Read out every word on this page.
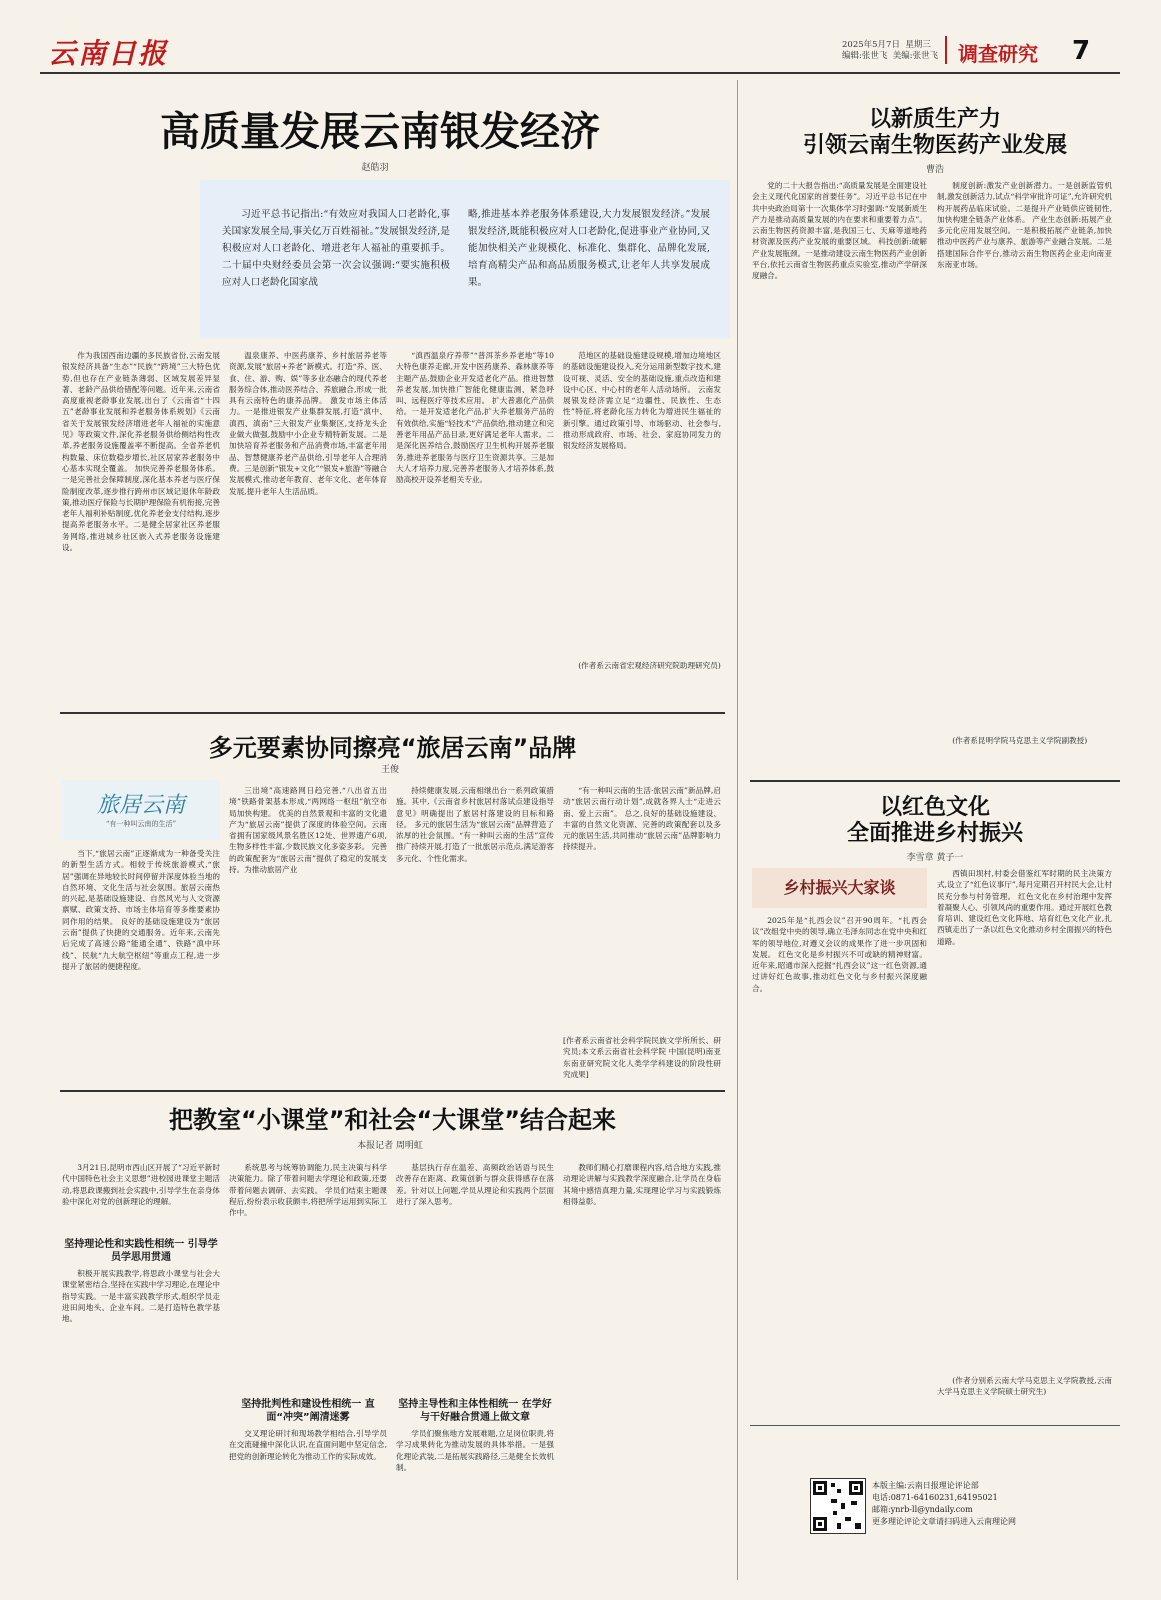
云南日报	2025年5月7日 星期三
编辑:张世飞 美编:张世飞 调查研究 7
高质量发展云南银发经济
赵皓羽
习近平总书记指出:“有效应对我国人口老龄化,事关国家发展全局,事关亿万百姓福祉。”发展银发经济,是积极应对人口老龄化、增进老年人福祉的重要抓手。二十届中央财经委员会第一次会议强调:“要实施积极应对人口老龄化国家战
略,推进基本养老服务体系建设,大力发展银发经济。”发展银发经济,既能积极应对人口老龄化,促进事业产业协同,又能加快相关产业规模化、标准化、集群化、品牌化发展,培育高精尖产品和高品质服务模式,让老年人共享发展成果。
作为我国西南边疆的多民族省份,云南发展银发经济具备“生态”“民族”“跨境”三大特色优势,但也存在产业链条薄弱、区域发展差异显著、老龄产品供给错配等问题。近年来,云南省高度重视老龄事业发展,出台了《云南省“十四五”老龄事业发展和养老服务体系规划》《云南省关于发展银发经济增进老年人福祉的实施意见》等政策文件,深化养老服务供给侧结构性改革,养老服务设施覆盖率不断提高。全省养老机构数量、床位数稳步增长,社区居家养老服务中心基本实现全覆盖。 加快完善养老服务体系。一是完善社会保障制度,深化基本养老与医疗保险制度改革,逐步推行跨州市区域记退休年龄政策,推动医疗保险与长期护理保险有机衔接,完善老年人福利补贴制度,优化养老金支付结构,逐步提高养老服务水平。二是健全居家社区养老服务网络,推进城乡社区嵌入式养老服务设施建设。
温泉康养、中医药康养、乡村旅居养老等资源,发展“旅居+养老”新模式。打造“养、医、食、住、游、购、娱”等多业态融合的现代养老服务综合体,推动医养结合、养旅融合,形成一批具有云南特色的康养品牌。 激发市场主体活力。一是推进银发产业集群发展,打造“滇中、滇西、滇南”三大银发产业集聚区,支持龙头企业做大做强,鼓励中小企业专精特新发展。二是加快培育养老服务和产品消费市场,丰富老年用品、智慧健康养老产品供给,引导老年人合理消费。三是创新“银发+文化”“银发+旅游”等融合发展模式,推动老年教育、老年文化、老年体育发展,提升老年人生活品质。
“滇西温泉疗养带”“普洱茶乡养老地”等10大特色康养走廊,开发中医药康养、森林康养等主题产品,鼓励企业开发适老化产品。推进智慧养老发展,加快推广智能化健康监测、紧急呼叫、远程医疗等技术应用。 扩大普惠化产品供给。一是开发适老化产品,扩大养老服务产品的有效供给,实施“轻技术”产品供给,推动建立和完善老年用品产品目录,更好满足老年人需求。二是深化医养结合,鼓励医疗卫生机构开展养老服务,推进养老服务与医疗卫生资源共享。三是加大人才培养力度,完善养老服务人才培养体系,鼓励高校开设养老相关专业。
范地区的基础设施建设规模,增加边境地区的基础设施建设投入,充分运用新型数字技术,建设可视、灵活、安全的基础设施,重点改造和建设中心区、中心村的老年人活动场所。 云南发展银发经济需立足“边疆性、民族性、生态性”特征,将老龄化压力转化为增进民生福祉的新引擎。通过政策引导、市场驱动、社会参与,推动形成政府、市场、社会、家庭协同发力的银发经济发展格局。
(作者系云南省宏观经济研究院助理研究员)
多元要素协同擦亮“旅居云南”品牌
王俊
旅居云南
“有一种叫云南的生活”
当下,“旅居云南”正逐渐成为一种备受关注的新型生活方式。相较于传统旅游模式,“旅居”强调在异地较长时间停留并深度体验当地的自然环境、文化生活与社会氛围。旅居云南热的兴起,是基础设施建设、自然风光与人文资源禀赋、政策支持、市场主体培育等多维要素协同作用的结果。 良好的基础设施建设为“旅居云南”提供了快捷的交通服务。近年来,云南先后完成了高速公路“能通全通”、铁路“滇中环线”、民航“九大航空枢纽”等重点工程,进一步提升了旅居的便捷程度。
三出境”高速路网日趋完善,“八出省五出境”铁路骨架基本形成,“两网络一枢纽”航空布局加快构建。 优美的自然景观和丰富的文化遗产为“旅居云南”提供了深度的体验空间。云南省拥有国家级风景名胜区12处、世界遗产6项,生物多样性丰富,少数民族文化多姿多彩。 完善的政策配套为“旅居云南”提供了稳定的发展支持。为推动旅居产业
持续健康发展,云南相继出台一系列政策措施。其中,《云南省乡村旅居村落试点建设指导意见》明确提出了旅居村落建设的目标和路径。 多元的旅居生活为“旅居云南”品牌营造了浓厚的社会氛围。“有一种叫云南的生活”宣传推广持续开展,打造了一批旅居示范点,满足游客多元化、个性化需求。
“有一种叫云南的生活·旅居云南”新品牌,启动“旅居云南行动计划”,成就各界人士“走进云南、爱上云南”。 总之,良好的基础设施建设、丰富的自然文化资源、完善的政策配套以及多元的旅居生活,共同推动“旅居云南”品牌影响力持续提升。
[作者系云南省社会科学院民族文学所所长、研究员;本文系云南省社会科学院 中国(昆明)南亚东南亚研究院文化人类学学科建设的阶段性研究成果]
把教室“小课堂”和社会“大课堂”结合起来
本报记者 周明虹
3月21日,昆明市西山区开展了“习近平新时代中国特色社会主义思想”进校园进课堂主题活动,将思政课搬到社会实践中,引导学生在亲身体验中深化对党的创新理论的理解。
坚持理论性和实践性相统一 引导学员学思用贯通
积极开展实践教学,将思政小课堂与社会大课堂紧密结合,坚持在实践中学习理论,在理论中指导实践。一是丰富实践教学形式,组织学员走进田间地头、企业车间。二是打造特色教学基地。
系统思考与统筹协调能力,民主决策与科学决策能力。除了带着问题去学理论和政策,还要带着问题去调研、去实践。 学员们结束主题课程后,纷纷表示收获颇丰,将把所学运用到实际工作中。
坚持批判性和建设性相统一 直面“冲突”阐清迷雾
交叉理论研讨和现场教学相结合,引导学员在交流碰撞中深化认识,在直面问题中坚定信念,把党的创新理论转化为推动工作的实际成效。
基层执行存在温差、高频政治话语与民生改善存在距离、政策创新与群众获得感存在落差。针对以上问题,学员从理论和实践两个层面进行了深入思考。
坚持主导性和主体性相统一 在学好与干好融合贯通上做文章
学员们聚焦地方发展难题,立足岗位职责,将学习成果转化为推动发展的具体举措。一是强化理论武装,二是拓展实践路径,三是健全长效机制。
教师们精心打磨课程内容,结合地方实践,推动理论讲解与实践教学深度融合,让学员在身临其境中感悟真理力量,实现理论学习与实践锻炼相得益彰。
以新质生产力
引领云南生物医药产业发展
曹浩
党的二十大报告指出:“高质量发展是全面建设社会主义现代化国家的首要任务”。习近平总书记在中共中央政治局第十一次集体学习时强调:“发展新质生产力是推动高质量发展的内在要求和重要着力点”。云南生物医药资源丰富,是我国三七、天麻等道地药材资源及医药产业发展的重要区域。 科技创新:破解产业发展瓶颈。一是推动建设云南生物医药产业创新平台,依托云南省生物医药重点实验室,推动产学研深度融合。
制度创新:激发产业创新潜力。一是创新监管机制,激发创新活力,试点“科学审批许可证”,允许研究机构开展药品临床试验。二是提升产业链供应链韧性,加快构建全链条产业体系。 产业生态创新:拓展产业多元化应用发展空间。一是积极拓展产业链条,加快推动中医药产业与康养、旅游等产业融合发展。二是搭建国际合作平台,推动云南生物医药企业走向南亚东南亚市场。
(作者系昆明学院马克思主义学院副教授)
以红色文化
全面推进乡村振兴
李雪章 黄子一
乡村振兴大家谈
2025年是“扎西会议”召开90周年。“扎西会议”改组党中央的领导,确立毛泽东同志在党中央和红军的领导地位,对遵义会议的成果作了进一步巩固和发展。 红色文化是乡村振兴不可或缺的精神财富。近年来,昭通市深入挖掘“扎西会议”这一红色资源,通过讲好红色故事,推动红色文化与乡村振兴深度融合。
西镇田坝村,村委会借鉴红军时期的民主决策方式,设立了“红色议事厅”,每月定期召开村民大会,让村民充分参与村务管理。 红色文化在乡村治理中发挥着凝聚人心、引领风尚的重要作用。通过开展红色教育培训、建设红色文化阵地、培育红色文化产业,扎西镇走出了一条以红色文化推动乡村全面振兴的特色道路。
(作者分别系云南大学马克思主义学院教授,云南大学马克思主义学院硕士研究生)
本版主编:云南日报理论评论部
电话:0871-64160231,64195021
邮箱:ynrb-ll@yndaily.com
更多理论评论文章请扫码进入云南理论网
